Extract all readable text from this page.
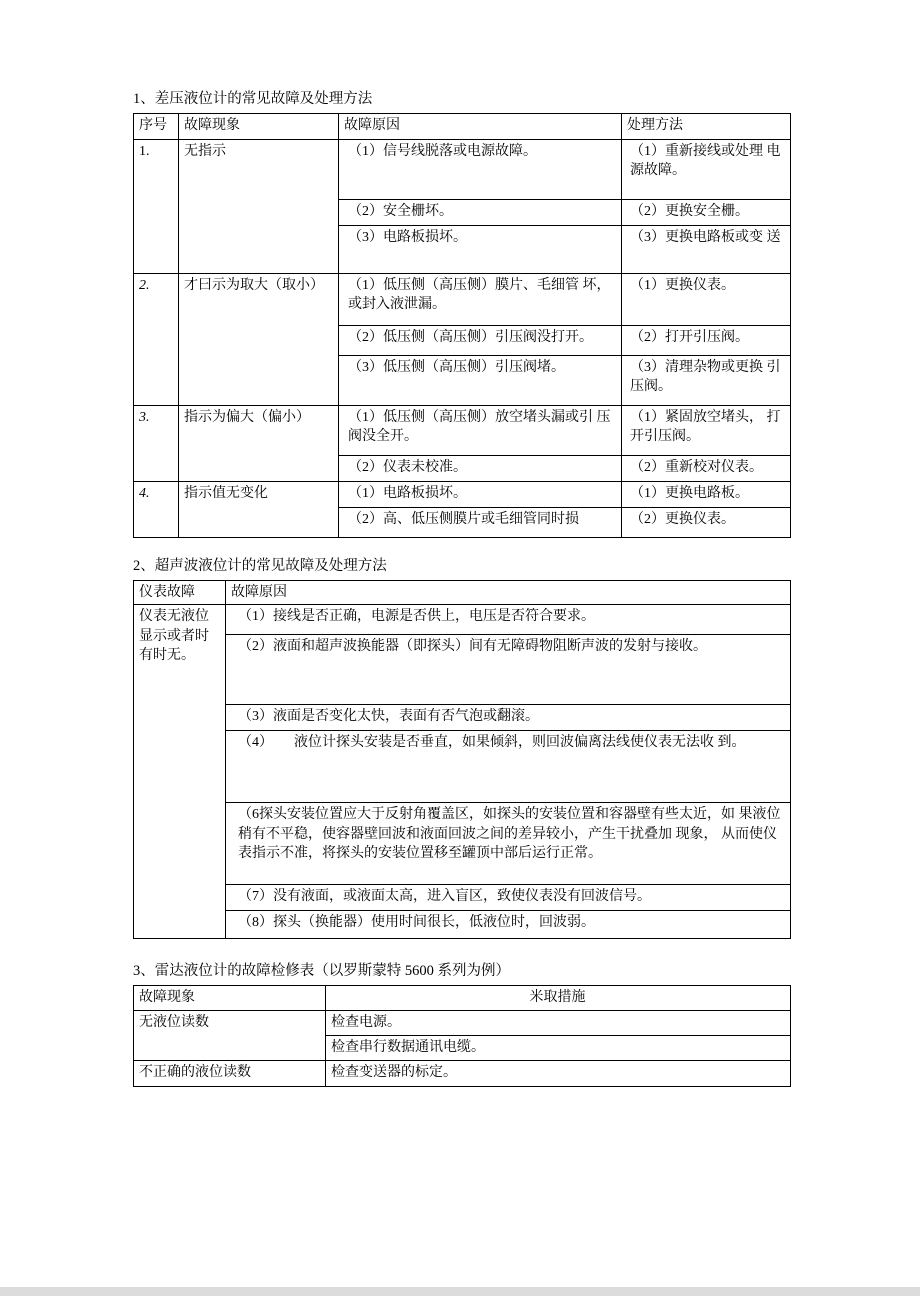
1、差压液位计的常见故障及处理方法
序号	故障现象	故障原因	处理方法
1.	无指示	（1）信号线脱落或电源故障。	（1）重新接线或处理 电 源故障。
		（2）安全栅坏。	（2）更换安全栅。
		（3）电路板损坏。	（3）更换电路板或变 送
2.	才曰示为取大（取小）	（1）低压侧（高压侧）膜片、毛细管 坏， 或封入液泄漏。	（1）更换仪表。
		（2）低压侧（高压侧）引压阀没打开。	（2）打开引压阀。
		（3）低压侧（高压侧）引压阀堵。	（3）清理杂物或更换 引 压阀。
3.	指示为偏大（偏小）	（1）低压侧（高压侧）放空堵头漏或引 压 阀没全开。	（1）紧固放空堵头， 打 开引压阀。
		（2）仪表未校准。	（2）重新校对仪表。
4.	指示值无变化	（1）电路板损坏。	（1）更换电路板。
		（2）高、低压侧膜片或毛细管同时损	（2）更换仪表。
2、超声波液位计的常见故障及处理方法
仪表故障	故障原因
仪表无液位显示或者时有时无。	（1）接线是否正确，电源是否供上，电压是否符合要求。
	（2）液面和超声波换能器（即探头）间有无障碍物阻断声波的发射与接收。
	（3）液面是否变化太快，表面有否气泡或翻滚。
	（4）　　液位计探头安装是否垂直，如果倾斜，则回波偏离法线使仪表无法收 到。
	（6探头安装位置应大于反射角覆盖区，如探头的安装位置和容器壁有些太近，如 果液位稍有不平稳，使容器壁回波和液面回波之间的差异较小，产生干扰叠加 现象， 从而使仪表指示不准，将探头的安装位置移至罐顶中部后运行正常。
	（7）没有液面，或液面太高，进入盲区，致使仪表没有回波信号。
	（8）探头（换能器）使用时间很长，低液位时，回波弱。
3、雷达液位计的故障检修表（以罗斯蒙特 5600 系列为例）
故障现象	米取措施
无液位读数	检查电源。
	检查串行数据通讯电缆。
不正确的液位读数	检查变送器的标定。
